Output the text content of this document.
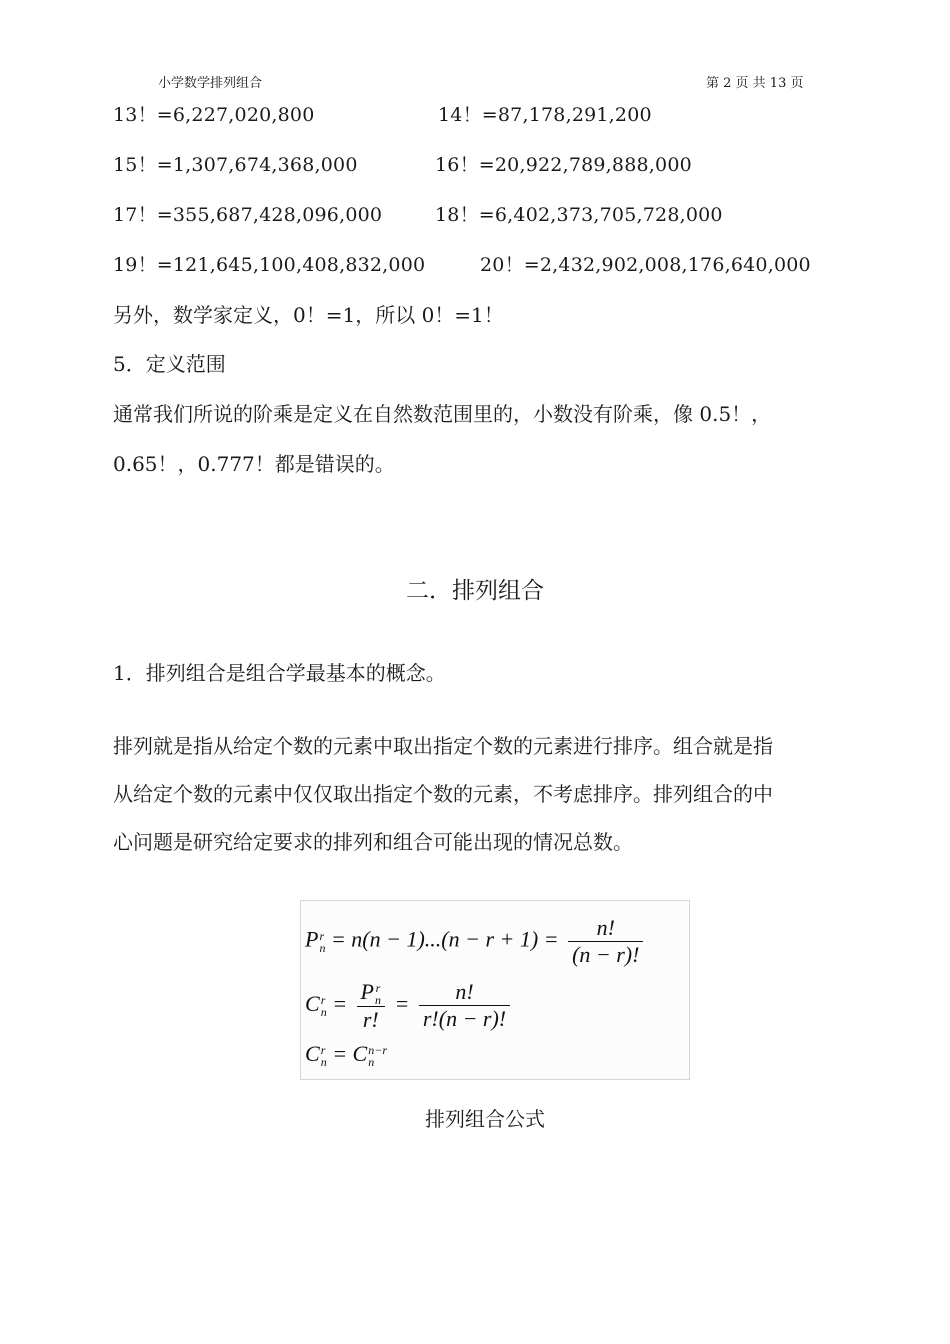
小学数学排列组合	第 2 页 共 13 页
13！=6,227,020,800	14！=87,178,291,200
15！=1,307,674,368,000	16！=20,922,789,888,000
17！=355,687,428,096,000	18！=6,402,373,705,728,000
19！=121,645,100,408,832,000	20！=2,432,902,008,176,640,000
另外，数学家定义，0！=1，所以 0！=1！
5．定义范围
通常我们所说的阶乘是定义在自然数范围里的，小数没有阶乘，像 0.5！，
0.65！，0.777！都是错误的。
二．排列组合
1．排列组合是组合学最基本的概念。
排列就是指从给定个数的元素中取出指定个数的元素进行排序。组合就是指
从给定个数的元素中仅仅取出指定个数的元素，不考虑排序。排列组合的中
心问题是研究给定要求的排列和组合可能出现的情况总数。
P r
$n = n(n - 1)...(n - r + 1) = \frac{n!}{(n - r)!}$
C r
n = P r
n
r! = $\frac{n!}{r!(n - r)!}$
C r
n = C n−r
n
排列组合公式
